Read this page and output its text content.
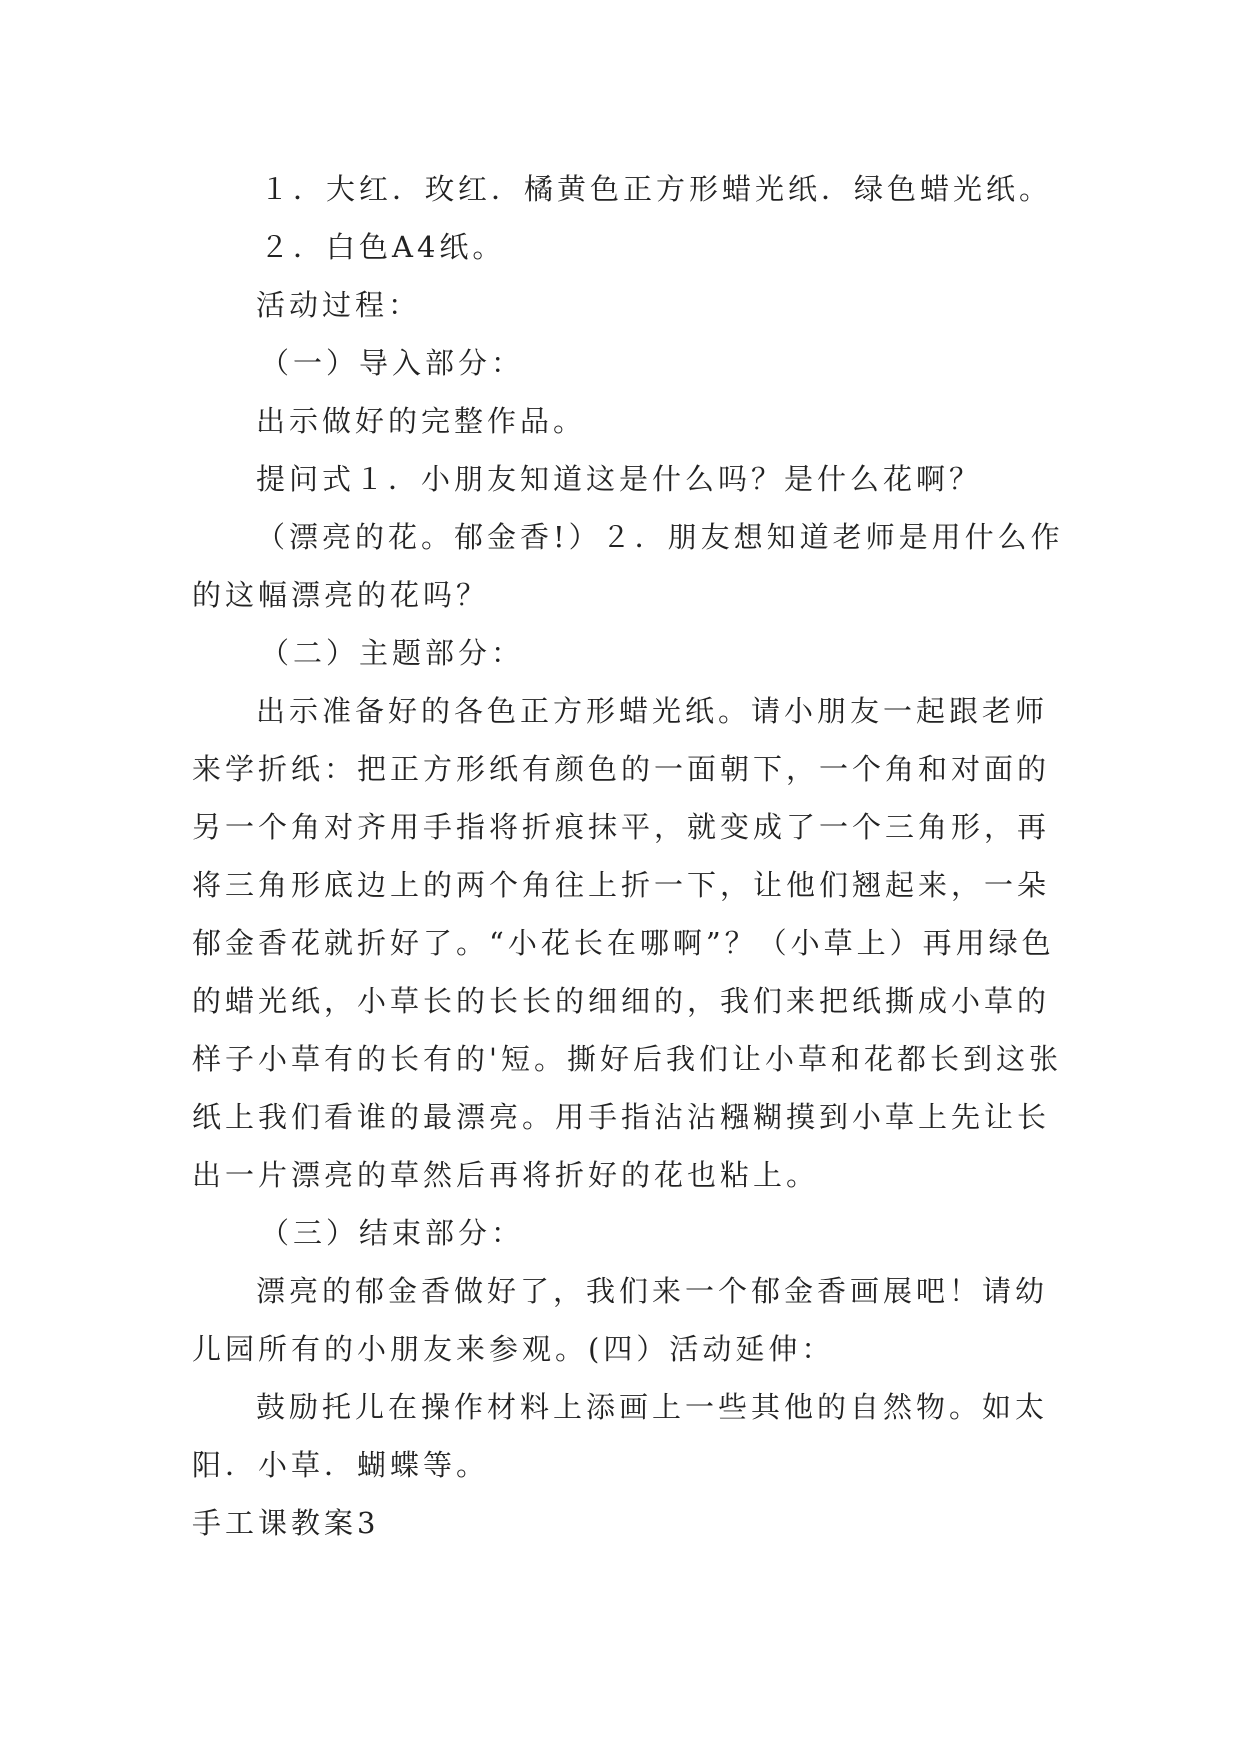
１．大红．玫红．橘黄色正方形蜡光纸．绿色蜡光纸。

２．白色A4纸。

活动过程：

（一）导入部分：

出示做好的完整作品。

提问式１．小朋友知道这是什么吗？是什么花啊？

（漂亮的花。郁金香!）２．朋友想知道老师是用什么作的这幅漂亮的花吗？

（二）主题部分：

出示准备好的各色正方形蜡光纸。请小朋友一起跟老师来学折纸：把正方形纸有颜色的一面朝下，一个角和对面的另一个角对齐用手指将折痕抹平，就变成了一个三角形，再将三角形底边上的两个角往上折一下，让他们翘起来，一朵郁金香花就折好了。“小花长在哪啊”？（小草上）再用绿色的蜡光纸，小草长的长长的细细的，我们来把纸撕成小草的样子小草有的长有的'短。撕好后我们让小草和花都长到这张纸上我们看谁的最漂亮。用手指沾沾糨糊摸到小草上先让长出一片漂亮的草然后再将折好的花也粘上。

（三）结束部分：

漂亮的郁金香做好了，我们来一个郁金香画展吧！请幼儿园所有的小朋友来参观。(四）活动延伸：

鼓励托儿在操作材料上添画上一些其他的自然物。如太阳．小草．蝴蝶等。

手工课教案3
